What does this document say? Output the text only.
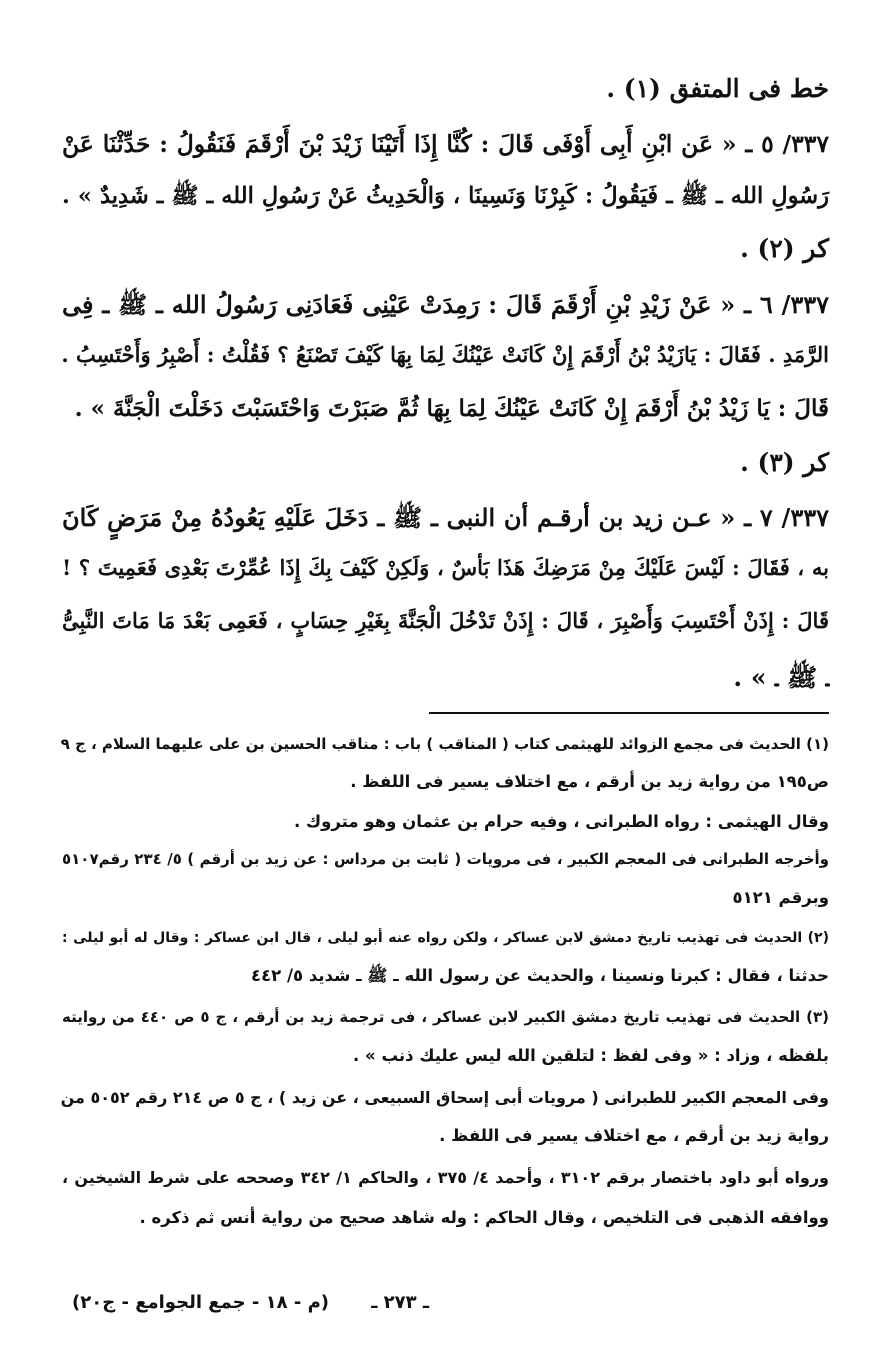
خط فى المتفق (١) .
٣٣٧/ ٥ ـ « عَن ابْنِ أَبِى أَوْفَى قَالَ : كُنَّا إِذَا أَتَيْنَا زَيْدَ بْنَ أَرْقَمَ فَنَقُولُ : حَدِّثْنَا عَنْ
رَسُولِ الله ـ ﷺ ـ فَيَقُولُ : كَبِرْنَا وَنَسِينَا ، وَالْحَدِيثُ عَنْ رَسُولِ الله ـ ﷺ ـ شَدِيدٌ » .
كر (٢) .
٣٣٧/ ٦ ـ « عَنْ زَيْدِ بْنِ أَرْقَمَ قَالَ : رَمِدَتْ عَيْنِى فَعَادَنِى رَسُولُ الله ـ ﷺ ـ فِى
الرَّمَدِ . فَقَالَ : يَازَيْدُ بْنُ أَرْقَمَ إِنْ كَانَتْ عَيْنُكَ لِمَا بِهَا كَيْفَ تَصْنَعُ ؟ فَقُلْتُ : أَصْبِرُ وَأَحْتَسِبُ .
قَالَ : يَا زَيْدُ بْنُ أَرْقَمَ إِنْ كَانَتْ عَيْنُكَ لِمَا بِهَا ثُمَّ صَبَرْتَ وَاحْتَسَبْتَ دَخَلْتَ الْجَنَّةَ » .
كر (٣) .
٣٣٧/ ٧ ـ « عـن زيد بن أرقـم أن النبى ـ ﷺ ـ دَخَلَ عَلَيْهِ يَعُودُهُ مِنْ مَرَضٍ كَانَ
به ، فَقَالَ : لَيْسَ عَلَيْكَ مِنْ مَرَضِكَ هَذَا بَأسٌ ، وَلَكِنْ كَيْفَ بِكَ إِذَا عُمِّرْتَ بَعْدِى فَعَمِيتَ ؟ !
قَالَ : إِذَنْ أَحْتَسِبَ وَأَصْبِرَ ، قَالَ : إِذَنْ تَدْخُلَ الْجَنَّةَ بِغَيْرِ حِسَابٍ ، فَعَمِى بَعْدَ مَا مَاتَ النَّبِىُّ
ـ ﷺ ـ » .
(١) الحديث فى مجمع الزوائد للهيثمى كتاب ( المناقب ) باب : مناقب الحسين بن على عليهما السلام ، ج ٩
ص١٩٥ من رواية زيد بن أرقم ، مع اختلاف يسير فى اللفظ .
وقال الهيثمى : رواه الطبرانى ، وفيه حرام بن عثمان وهو متروك .
وأخرجه الطبرانى فى المعجم الكبير ، فى مرويات ( ثابت بن مرداس : عن زيد بن أرقم ) ٥/ ٢٣٤ رقم٥١٠٧
وبرقم ٥١٢١
(٢) الحديث فى تهذيب تاريخ دمشق لابن عساكر ، ولكن رواه عنه أبو ليلى ، قال ابن عساكر : وقال له أبو ليلى :
حدثنا ، فقال : كبرنا ونسينا ، والحديث عن رسول الله ـ ﷺ ـ شديد ٥/ ٤٤٢
(٣) الحديث فى تهذيب تاريخ دمشق الكبير لابن عساكر ، فى ترجمة زيد بن أرقم ، ج ٥ ص ٤٤٠ من روايته
بلفظه ، وزاد : « وفى لفظ : لتلقين الله ليس عليك ذنب » .
وفى المعجم الكبير للطبرانى ( مرويات أبى إسحاق السبيعى ، عن زيد ) ، ج ٥ ص ٢١٤ رقم ٥٠٥٢ من
رواية زيد بن أرقم ، مع اختلاف يسير فى اللفظ .
ورواه أبو داود باختصار برقم ٣١٠٢ ، وأحمد ٤/ ٣٧٥ ، والحاكم ١/ ٣٤٢ وصححه على شرط الشيخين ،
ووافقه الذهبى فى التلخيص ، وقال الحاكم : وله شاهد صحيح من رواية أنس ثم ذكره .
ـ ٢٧٣ ـ
(م - ١٨ - جمع الجوامع - ج٢٠)
